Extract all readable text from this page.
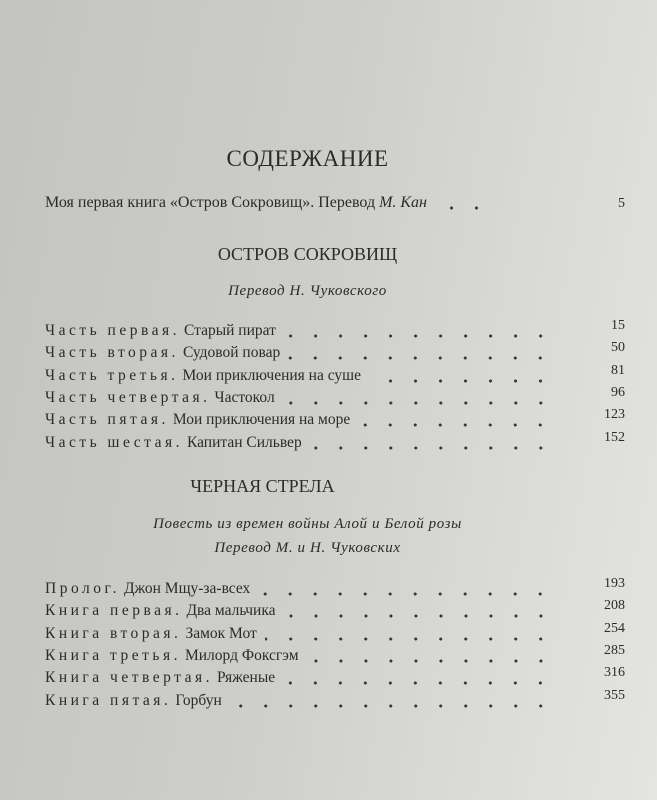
СОДЕРЖАНИЕ
Моя первая книга «Остров Сокровищ». Перевод М. Кан	5
ОСТРОВ СОКРОВИЩ
Перевод Н. Чуковского
Часть первая. Старый пират	15
Часть вторая. Судовой повар	50
Часть третья. Мои приключения на суше	81
Часть четвертая. Частокол	96
Часть пятая. Мои приключения на море	123
Часть шестая. Капитан Сильвер	152
ЧЕРНАЯ СТРЕЛА
Повесть из времен войны Алой и Белой розы
Перевод М. и Н. Чуковских
Пролог. Джон Мщу-за-всех	193
Книга первая. Два мальчика	208
Книга вторая. Замок Мот	254
Книга третья. Милорд Фоксгэм	285
Книга четвертая. Ряженые	316
Книга пятая. Горбун	355
